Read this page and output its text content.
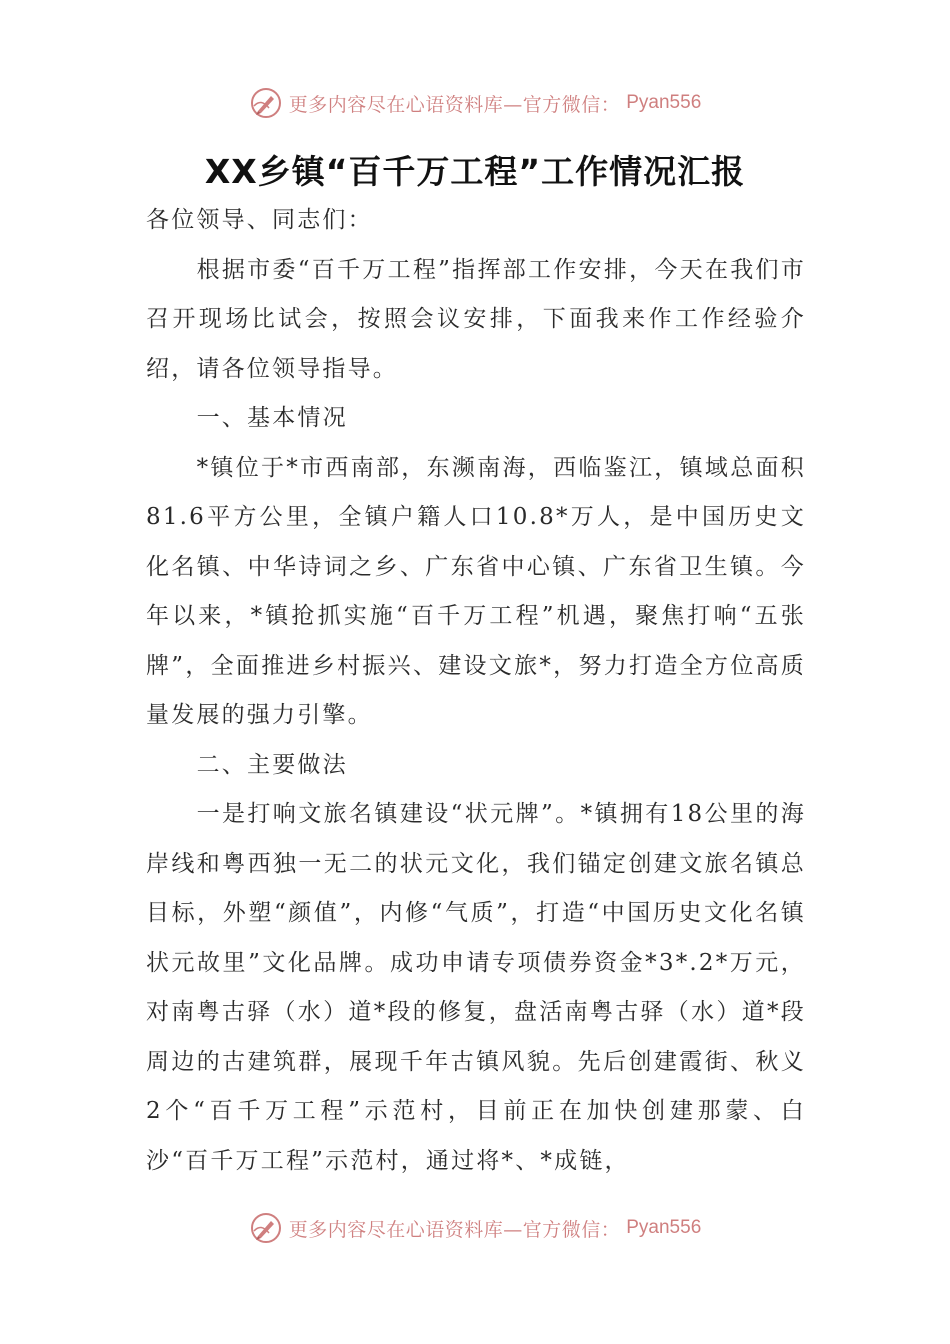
更多内容尽在心语资料库—官方微信： Pyan556
XX乡镇“百千万工程”工作情况汇报

各位领导、同志们：

根据市委“百千万工程”指挥部工作安排，今天在我们市召开现场比试会，按照会议安排，下面我来作工作经验介绍，请各位领导指导。

一、基本情况

*镇位于*市西南部，东濒南海，西临鉴江，镇域总面积81.6平方公里，全镇户籍人口10.8*万人，是中国历史文化名镇、中华诗词之乡、广东省中心镇、广东省卫生镇。今年以来，*镇抢抓实施“百千万工程”机遇，聚焦打响“五张牌”，全面推进乡村振兴、建设文旅*，努力打造全方位高质量发展的强力引擎。

二、主要做法

一是打响文旅名镇建设“状元牌”。*镇拥有18公里的海岸线和粤西独一无二的状元文化，我们锚定创建文旅名镇总目标，外塑“颜值”，内修“气质”，打造“中国历史文化名镇状元故里”文化品牌。成功申请专项债券资金*3*.2*万元，对南粤古驿（水）道*段的修复，盘活南粤古驿（水）道*段周边的古建筑群，展现千年古镇风貌。先后创建霞街、秋义2个“百千万工程”示范村，目前正在加快创建那蒙、白沙“百千万工程”示范村，通过将*、*成链，

更多内容尽在心语资料库—官方微信： Pyan556
